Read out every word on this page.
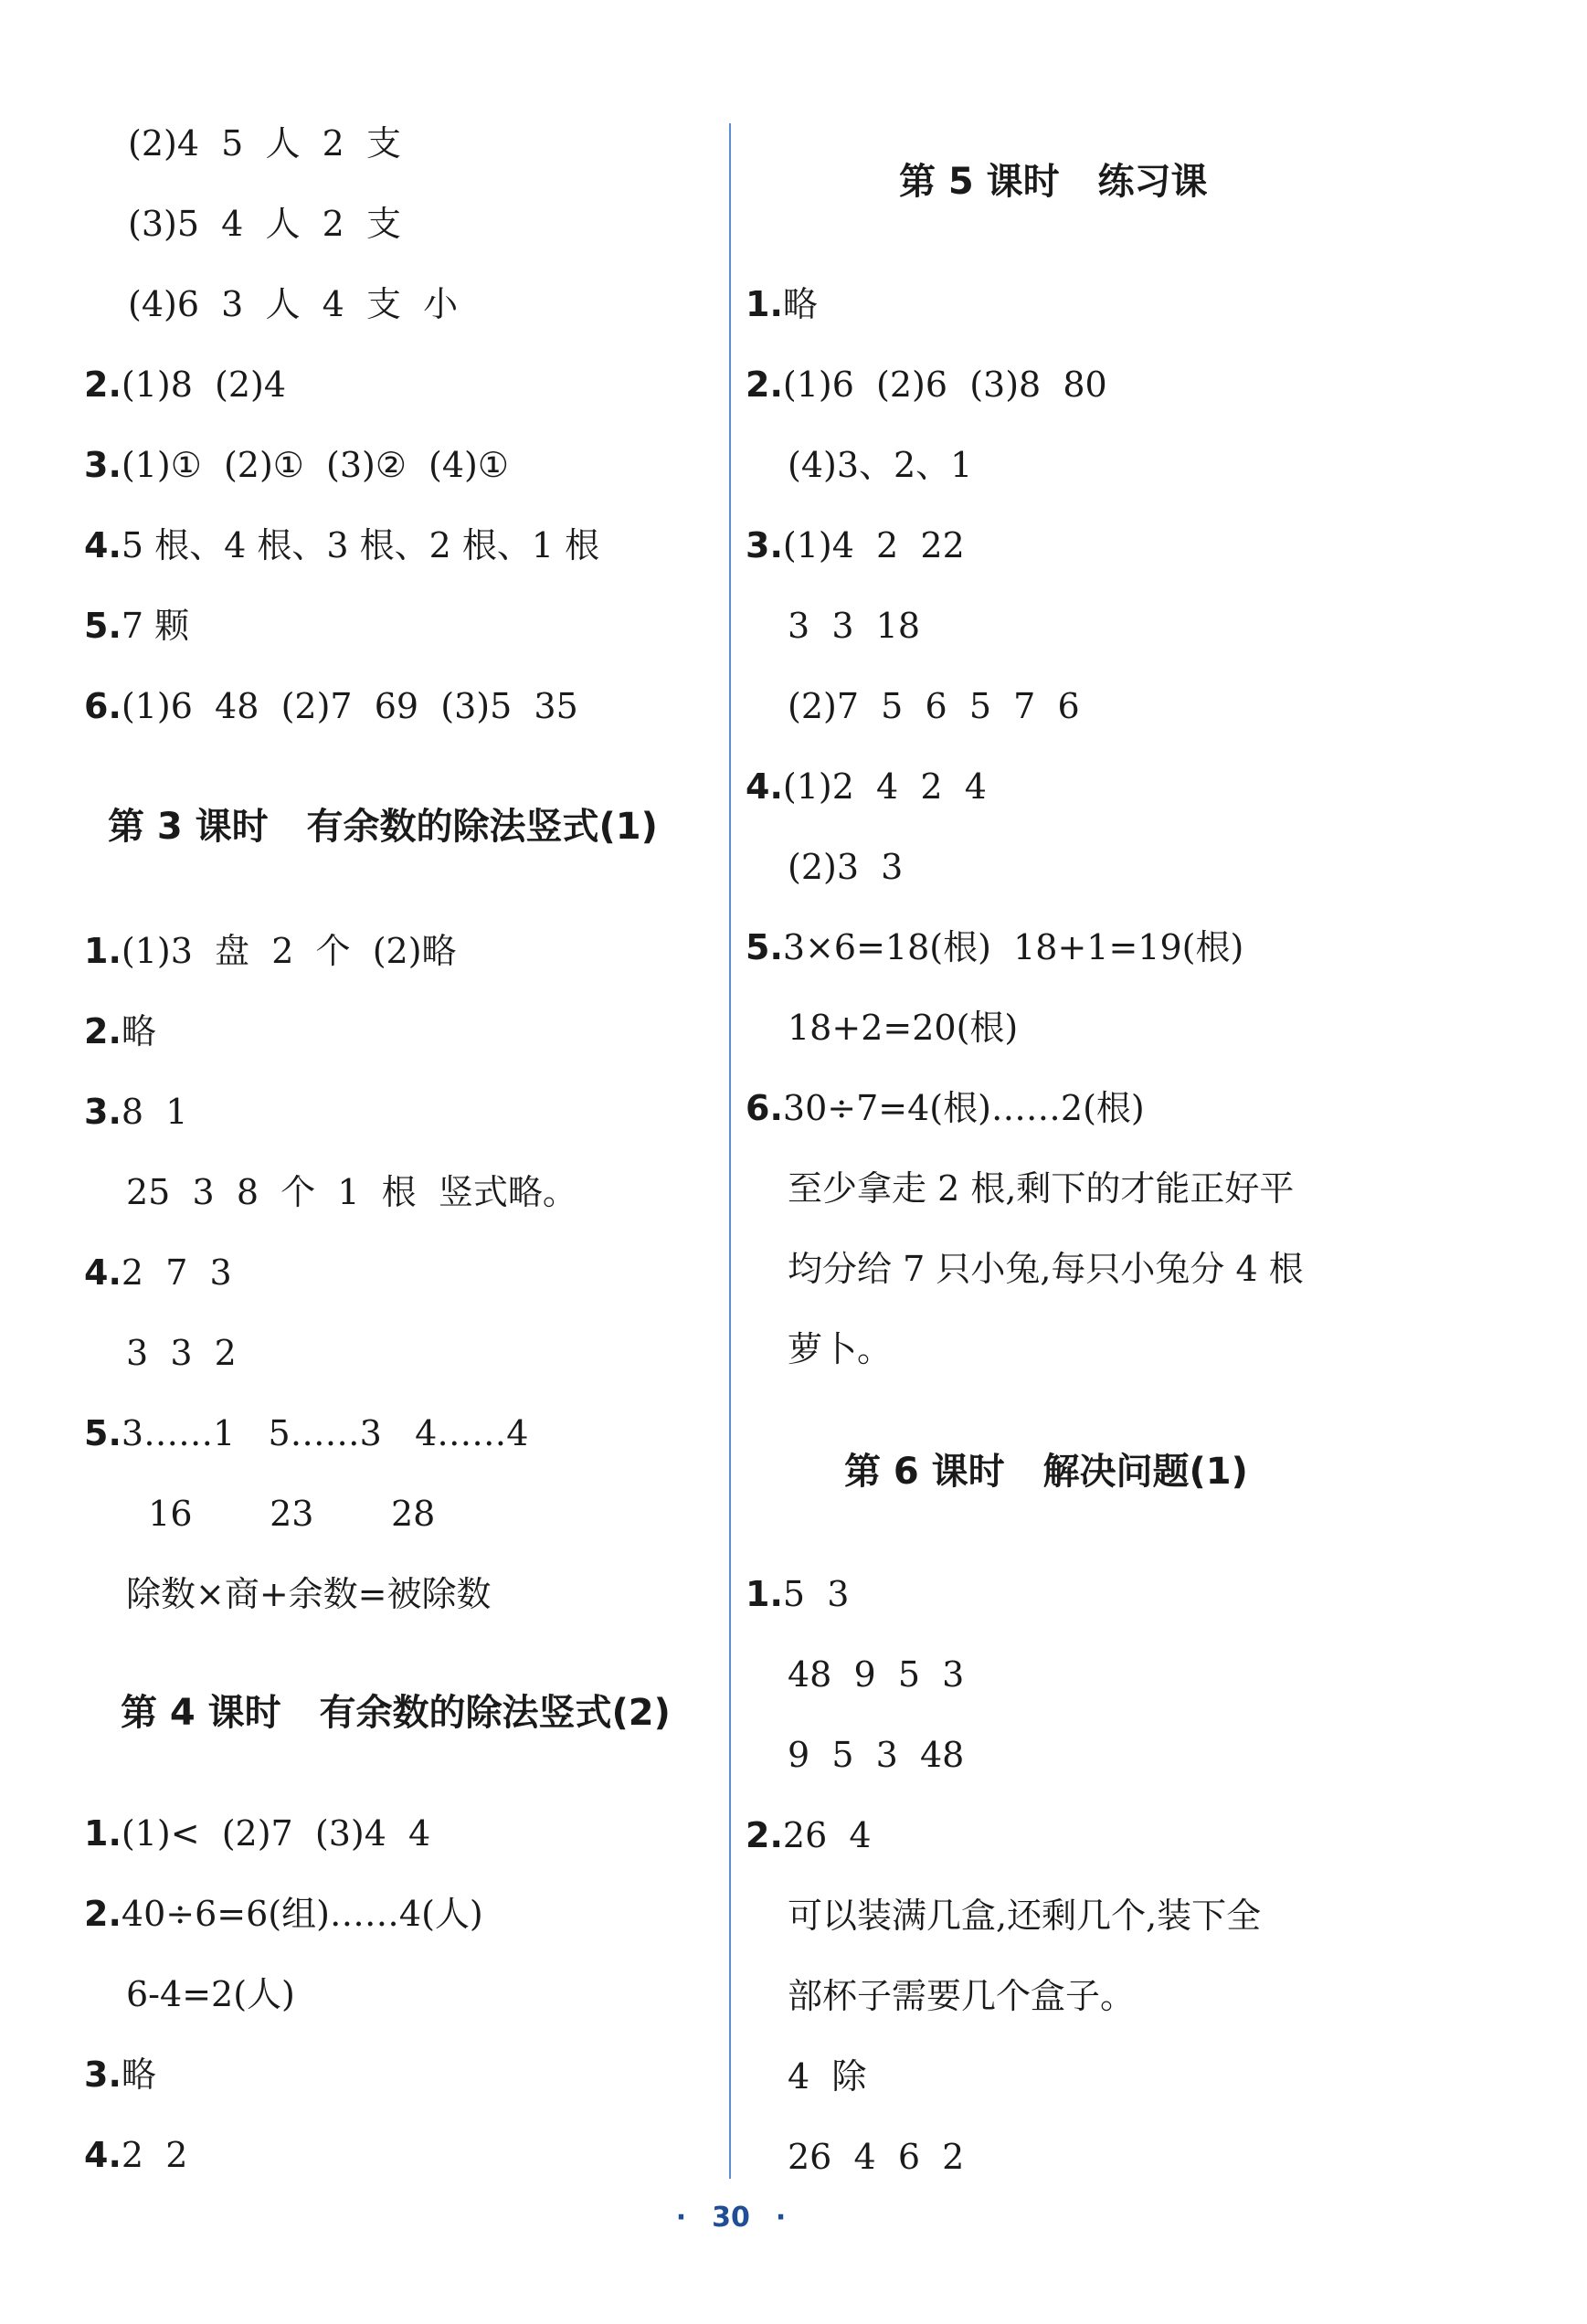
(2)4  5  人  2  支
(3)5  4  人  2  支
(4)6  3  人  4  支  小
2.(1)8  (2)4
3.(1)①  (2)①  (3)②  (4)①
4.5 根、4 根、3 根、2 根、1 根
5.7 颗
6.(1)6  48  (2)7  69  (3)5  35
第 3 课时   有余数的除法竖式(1)
1.(1)3  盘  2  个  (2)略
2.略
3.8  1
25  3  8  个  1  根  竖式略。
4.2  7  3
3  3  2
5.3……1   5……3   4……4
16       23       28
除数×商+余数=被除数
第 4 课时   有余数的除法竖式(2)
1.(1)<  (2)7  (3)4  4
2.40÷6=6(组)……4(人)
6-4=2(人)
3.略
4.2  2
第 5 课时   练习课
1.略
2.(1)6  (2)6  (3)8  80
(4)3、2、1
3.(1)4  2  22
3  3  18
(2)7  5  6  5  7  6
4.(1)2  4  2  4
(2)3  3
5.3×6=18(根)  18+1=19(根)
18+2=20(根)
6.30÷7=4(根)……2(根)
至少拿走 2 根,剩下的才能正好平
均分给 7 只小兔,每只小兔分 4 根
萝卜。
第 6 课时   解决问题(1)
1.5  3
48  9  5  3
9  5  3  48
2.26  4
可以装满几盒,还剩几个,装下全
部杯子需要几个盒子。
4  除
26  4  6  2
· 30 ·
